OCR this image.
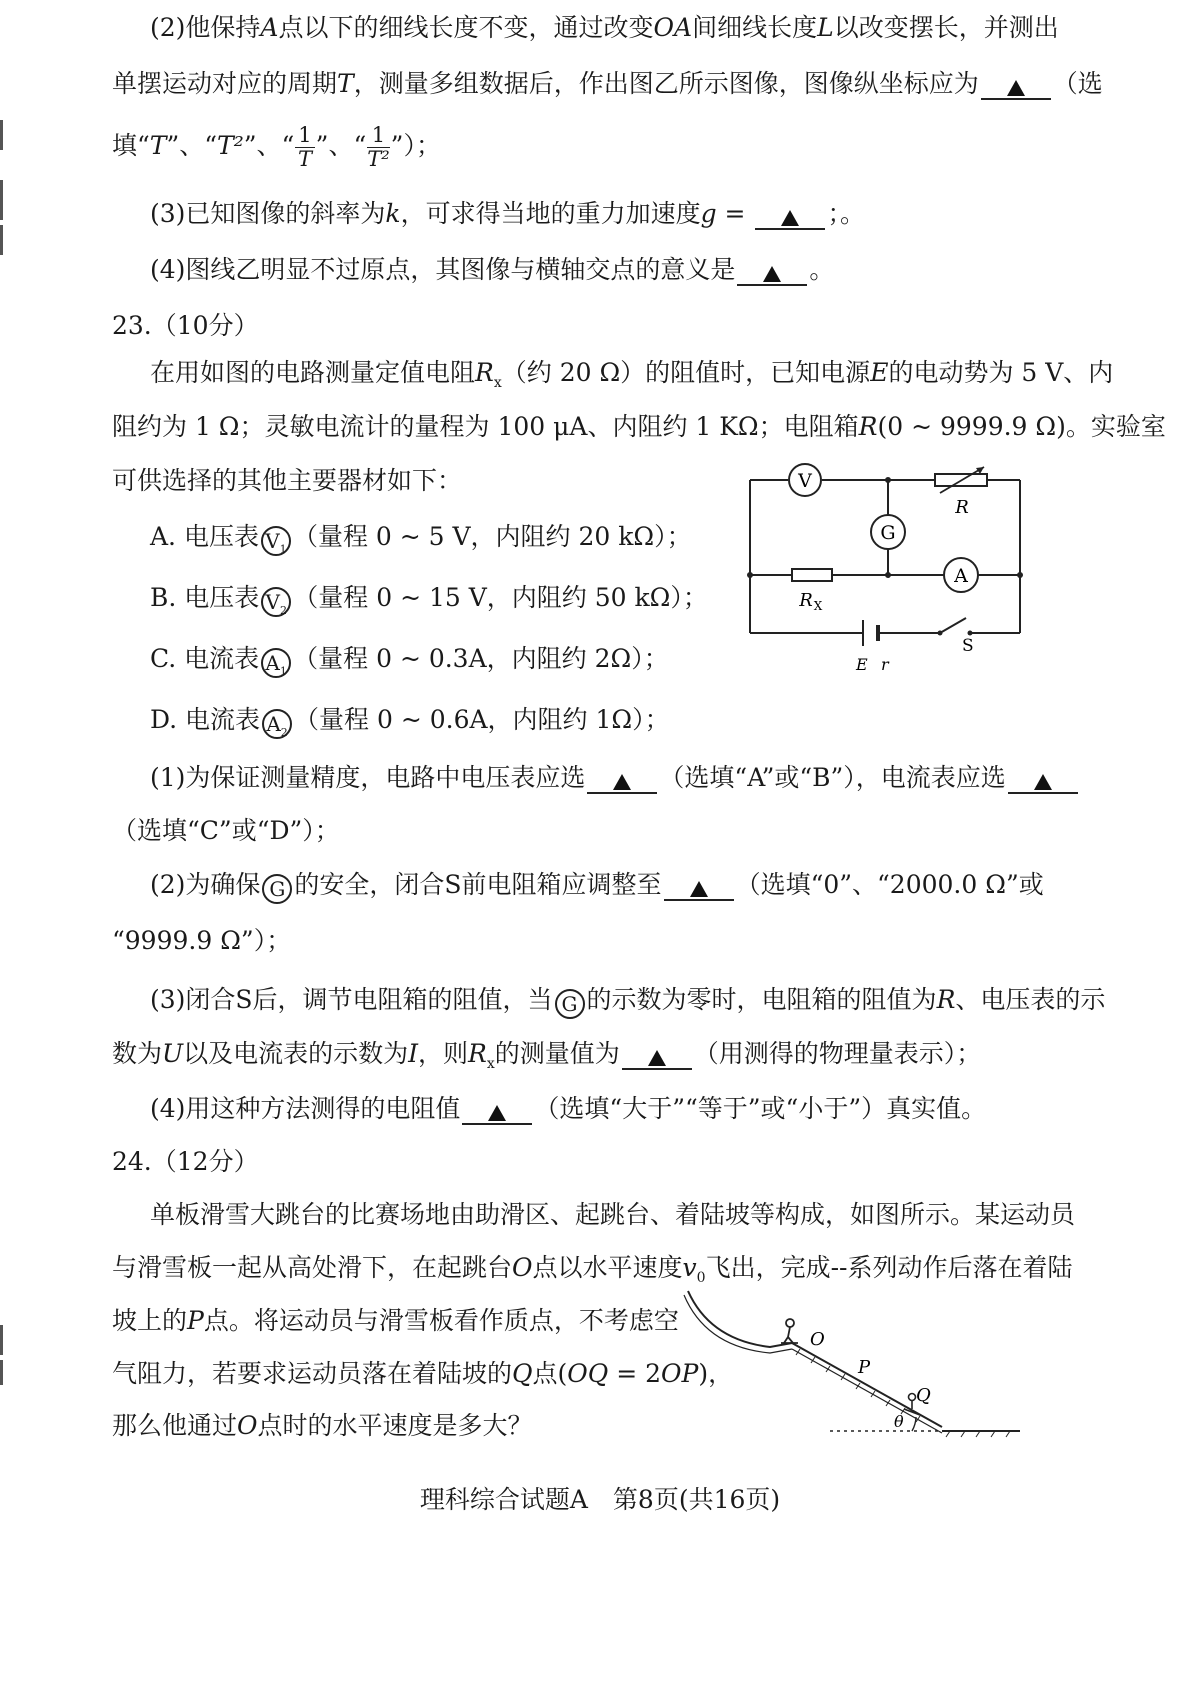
(2)他保持A点以下的细线长度不变，通过改变OA间细线长度L以改变摆长，并测出
单摆运动对应的周期T，测量多组数据后，作出图乙所示图像，图像纵坐标应为	（选
填“T”、“T²”、“ $\frac{1}{T}$ ”、“ $\frac{1}{\text{T²}}$ ”）；
(3)已知图像的斜率为k，可求得当地的重力加速度g =	；。
(4)图线乙明显不过原点，其图像与横轴交点的意义是	。
23.（10分）
在用如图的电路测量定值电阻$R_x$（约 20 Ω）的阻值时，已知电源E的电动势为 5 V、内
阻约为 1 Ω；灵敏电流计的量程为 100 μA、内阻约 1 KΩ；电阻箱R(0 ~ 9999.9 Ω)。实验室
可供选择的其他主要器材如下：
A. 电压表 $V_1$ （量程 0 ~ 5 V，内阻约 20 kΩ）；
B. 电压表 $V_2$ （量程 0 ~ 15 V，内阻约 50 kΩ）；
C. 电流表 $A_1$ （量程 0 ~ 0.3A，内阻约 2Ω）；
D. 电流表 $A_2$ （量程 0 ~ 0.6A，内阻约 1Ω）；
V
G
A
R
R X
E r
S
(1)为保证测量精度，电路中电压表应选	（选填“A”或“B”），电流表应选
（选填“C”或“D”）；
(2)为确保 G 的安全，闭合S前电阻箱应调整至	（选填“0”、“2000.0 Ω”或
“9999.9 Ω”）；
(3)闭合S后，调节电阻箱的阻值，当 G 的示数为零时，电阻箱的阻值为R、电压表的示
数为U以及电流表的示数为I，则$R_x$的测量值为	（用测得的物理量表示）；
(4)用这种方法测得的电阻值	（选填“大于”“等于”或“小于”）真实值。
24.（12分）
单板滑雪大跳台的比赛场地由助滑区、起跳台、着陆坡等构成，如图所示。某运动员
与滑雪板一起从高处滑下，在起跳台O点以水平速度$v_0$飞出，完成--系列动作后落在着陆
坡上的P点。将运动员与滑雪板看作质点，不考虑空
气阻力，若要求运动员落在着陆坡的Q点(OQ = 2OP)，
那么他通过O点时的水平速度是多大？
O
P
Q
θ
理科综合试题A　第8页(共16页)
